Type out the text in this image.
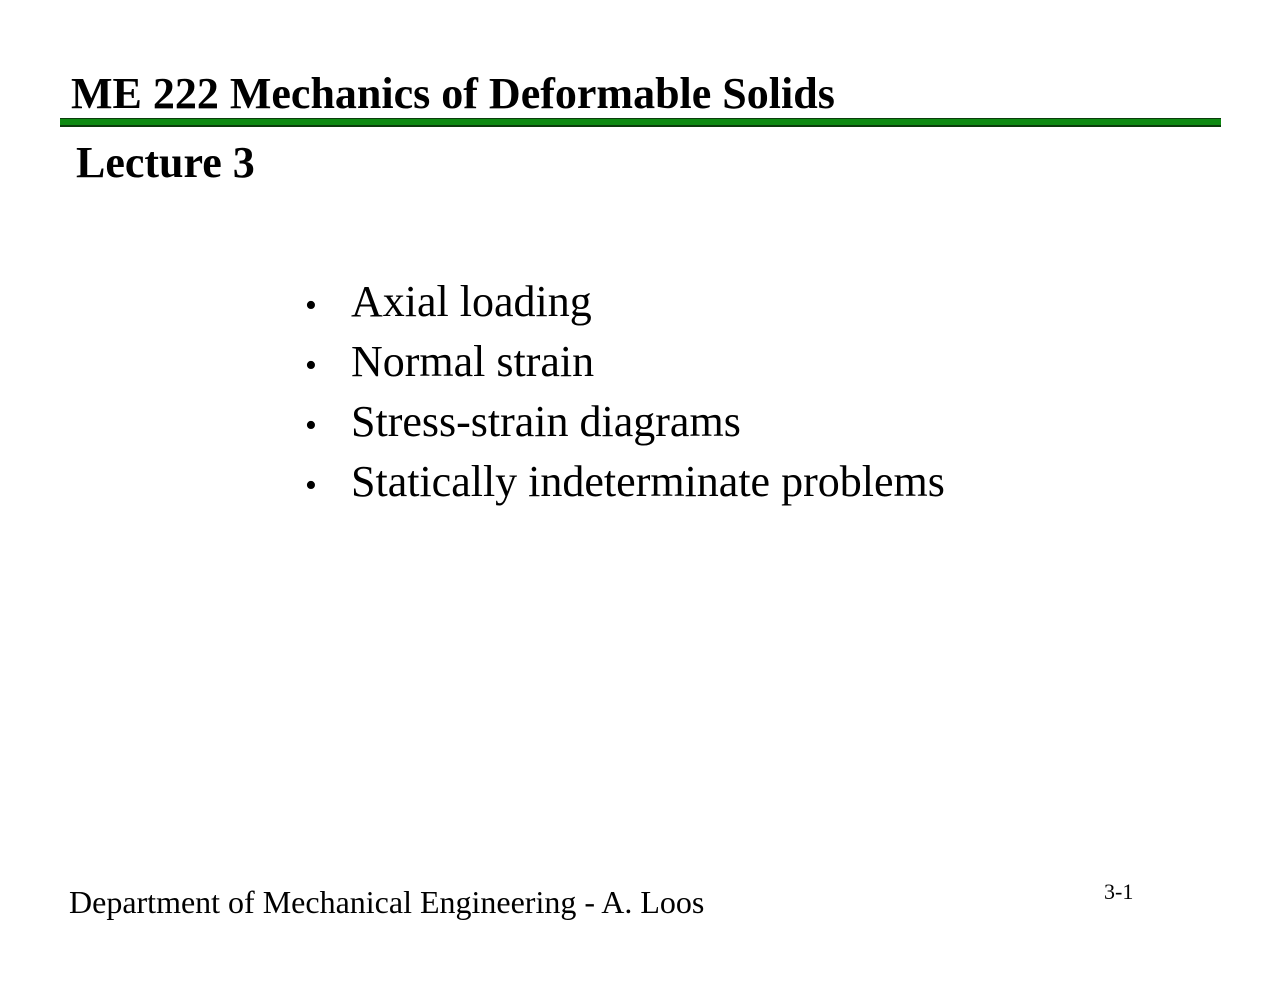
ME 222 Mechanics of Deformable Solids
Lecture 3
• Axial loading
• Normal strain
• Stress-strain diagrams
• Statically indeterminate problems

Department of Mechanical Engineering - A. Loos	3-1
